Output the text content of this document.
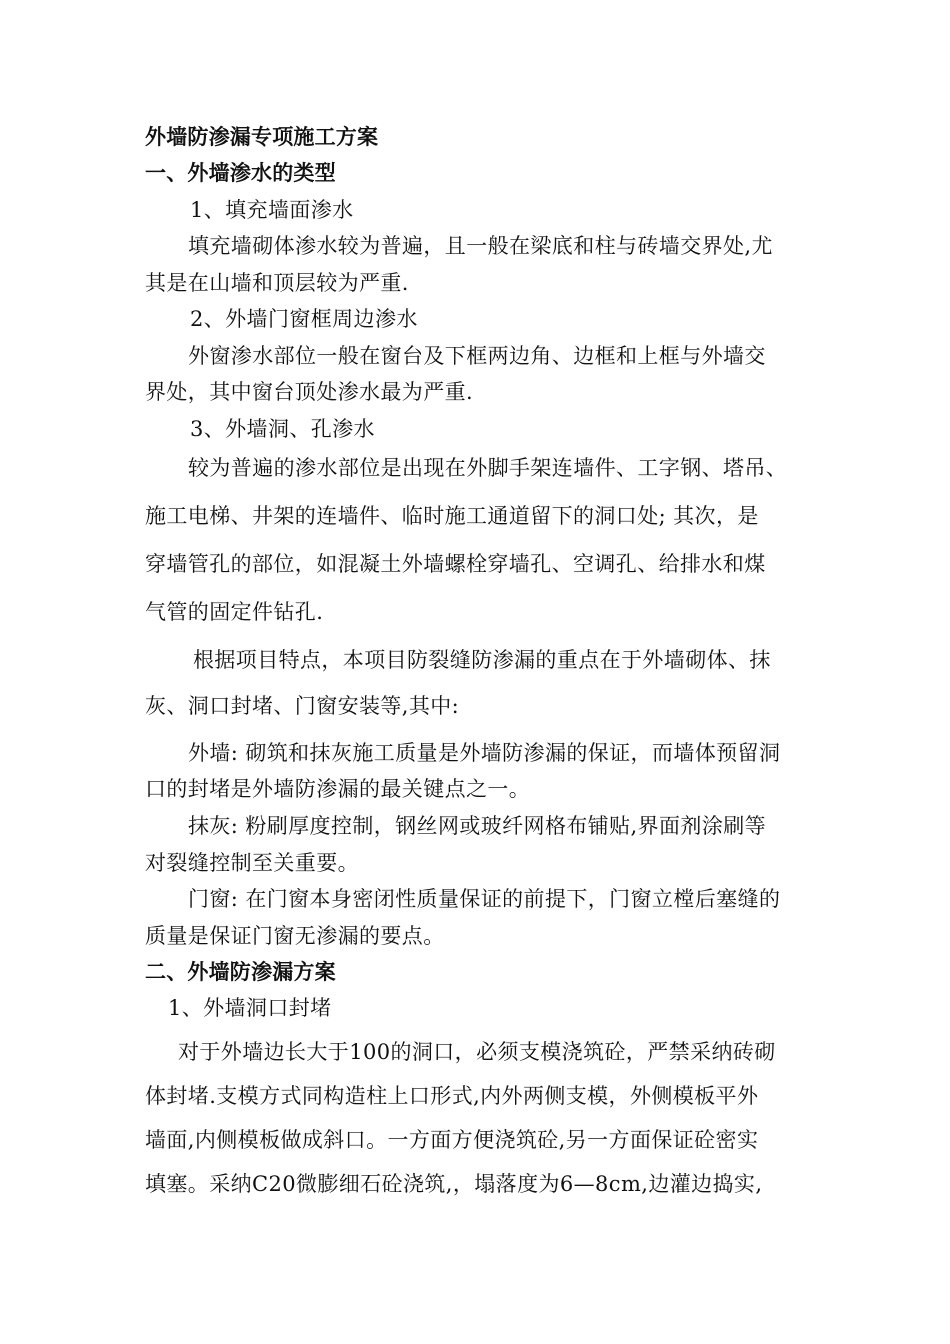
外墙防渗漏专项施工方案
一、外墙渗水的类型
1、填充墙面渗水
填充墙砌体渗水较为普遍，且一般在梁底和柱与砖墙交界处,尤
其是在山墙和顶层较为严重.
2、外墙门窗框周边渗水
外窗渗水部位一般在窗台及下框两边角、边框和上框与外墙交
界处，其中窗台顶处渗水最为严重.
3、外墙洞、孔渗水
较为普遍的渗水部位是出现在外脚手架连墙件、工字钢、塔吊、
施工电梯、井架的连墙件、临时施工通道留下的洞口处; 其次，是
穿墙管孔的部位，如混凝土外墙螺栓穿墙孔、空调孔、给排水和煤
气管的固定件钻孔.
根据项目特点，本项目防裂缝防渗漏的重点在于外墙砌体、抹
灰、洞口封堵、门窗安装等,其中:
外墙: 砌筑和抹灰施工质量是外墙防渗漏的保证，而墙体预留洞
口的封堵是外墙防渗漏的最关键点之一。
抹灰: 粉刷厚度控制，钢丝网或玻纤网格布铺贴,界面剂涂刷等
对裂缝控制至关重要。
门窗: 在门窗本身密闭性质量保证的前提下，门窗立樘后塞缝的
质量是保证门窗无渗漏的要点。
二、外墙防渗漏方案
1、外墙洞口封堵
对于外墙边长大于100的洞口，必须支模浇筑砼，严禁采纳砖砌
体封堵.支模方式同构造柱上口形式,内外两侧支模，外侧模板平外
墙面,内侧模板做成斜口。一方面方便浇筑砼,另一方面保证砼密实
填塞。采纳C20微膨细石砼浇筑,，塌落度为6—8cm,边灌边捣实,
